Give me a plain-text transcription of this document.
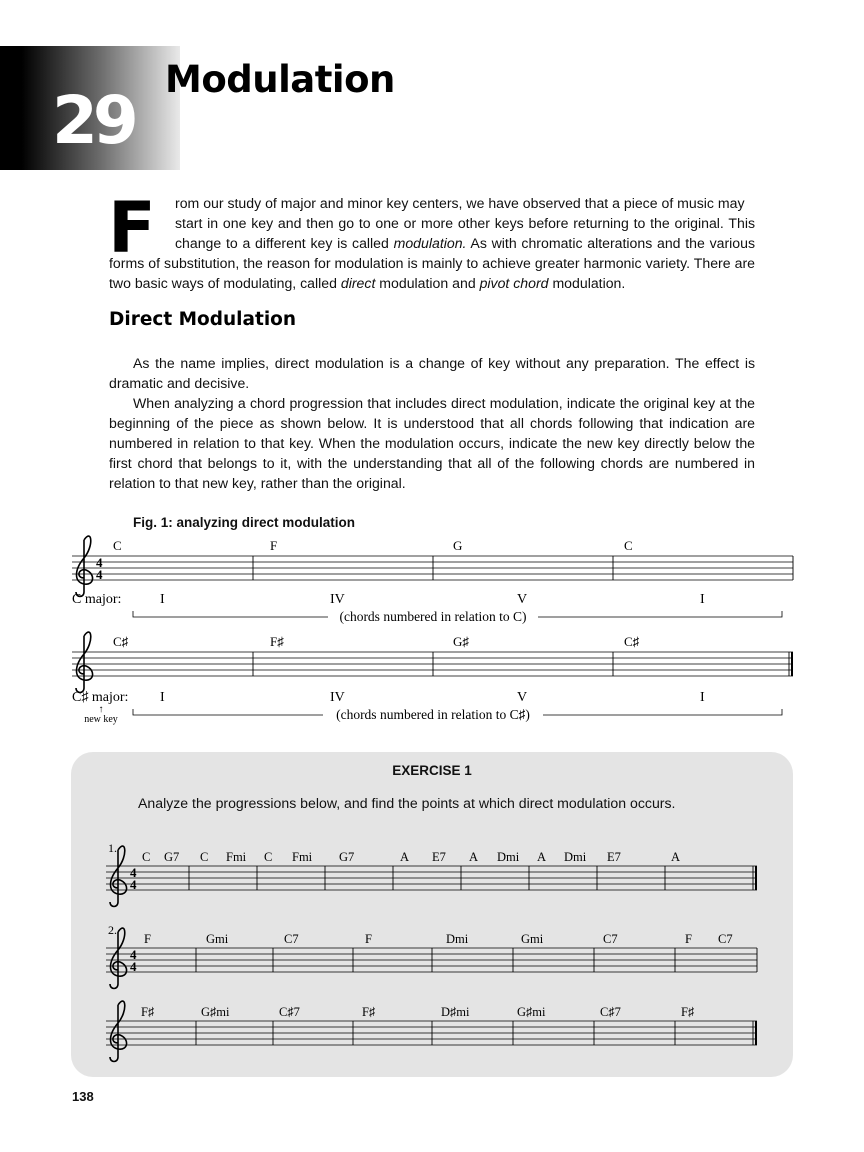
29
Modulation
F rom our study of major and minor key centers, we have observed that a piece of music may
start in one key and then go to one or more other keys before returning to the original. This
change to a different key is called modulation. As with chromatic alterations and the various
forms of substitution, the reason for modulation is mainly to achieve greater harmonic variety. There are
two basic ways of modulating, called direct modulation and pivot chord modulation.
Direct Modulation
As the name implies, direct modulation is a change of key without any preparation. The effect is dramatic and decisive.
When analyzing a chord progression that includes direct modulation, indicate the original key at the beginning of the piece as shown below. It is understood that all chords following that indication are numbered in relation to that key. When the modulation occurs, indicate the new key directly below the first chord that belongs to it, with the understanding that all of the following chords are numbered in relation to that new key, rather than the original.
Fig. 1: analyzing direct modulation
EXERCISE 1
Analyze the progressions below, and find the points at which direct modulation occurs.
138
4
4
4
4
4
4
C	F	G	C
C major:	I	IV	V	I
(chords numbered in relation to C)
C♯	F♯	G♯	C♯
C♯ major: I	IV	V	I
↑
new key	(chords numbered in relation to C♯)
1.
C G7 C Fmi C Fmi G7	A E7 A Dmi A Dmi E7	A
2.
F	Gmi	C7	F	Dmi	Gmi	C7	F C7
F♯	G♯mi	C♯7	F♯	D♯mi	G♯mi	C♯7	F♯
